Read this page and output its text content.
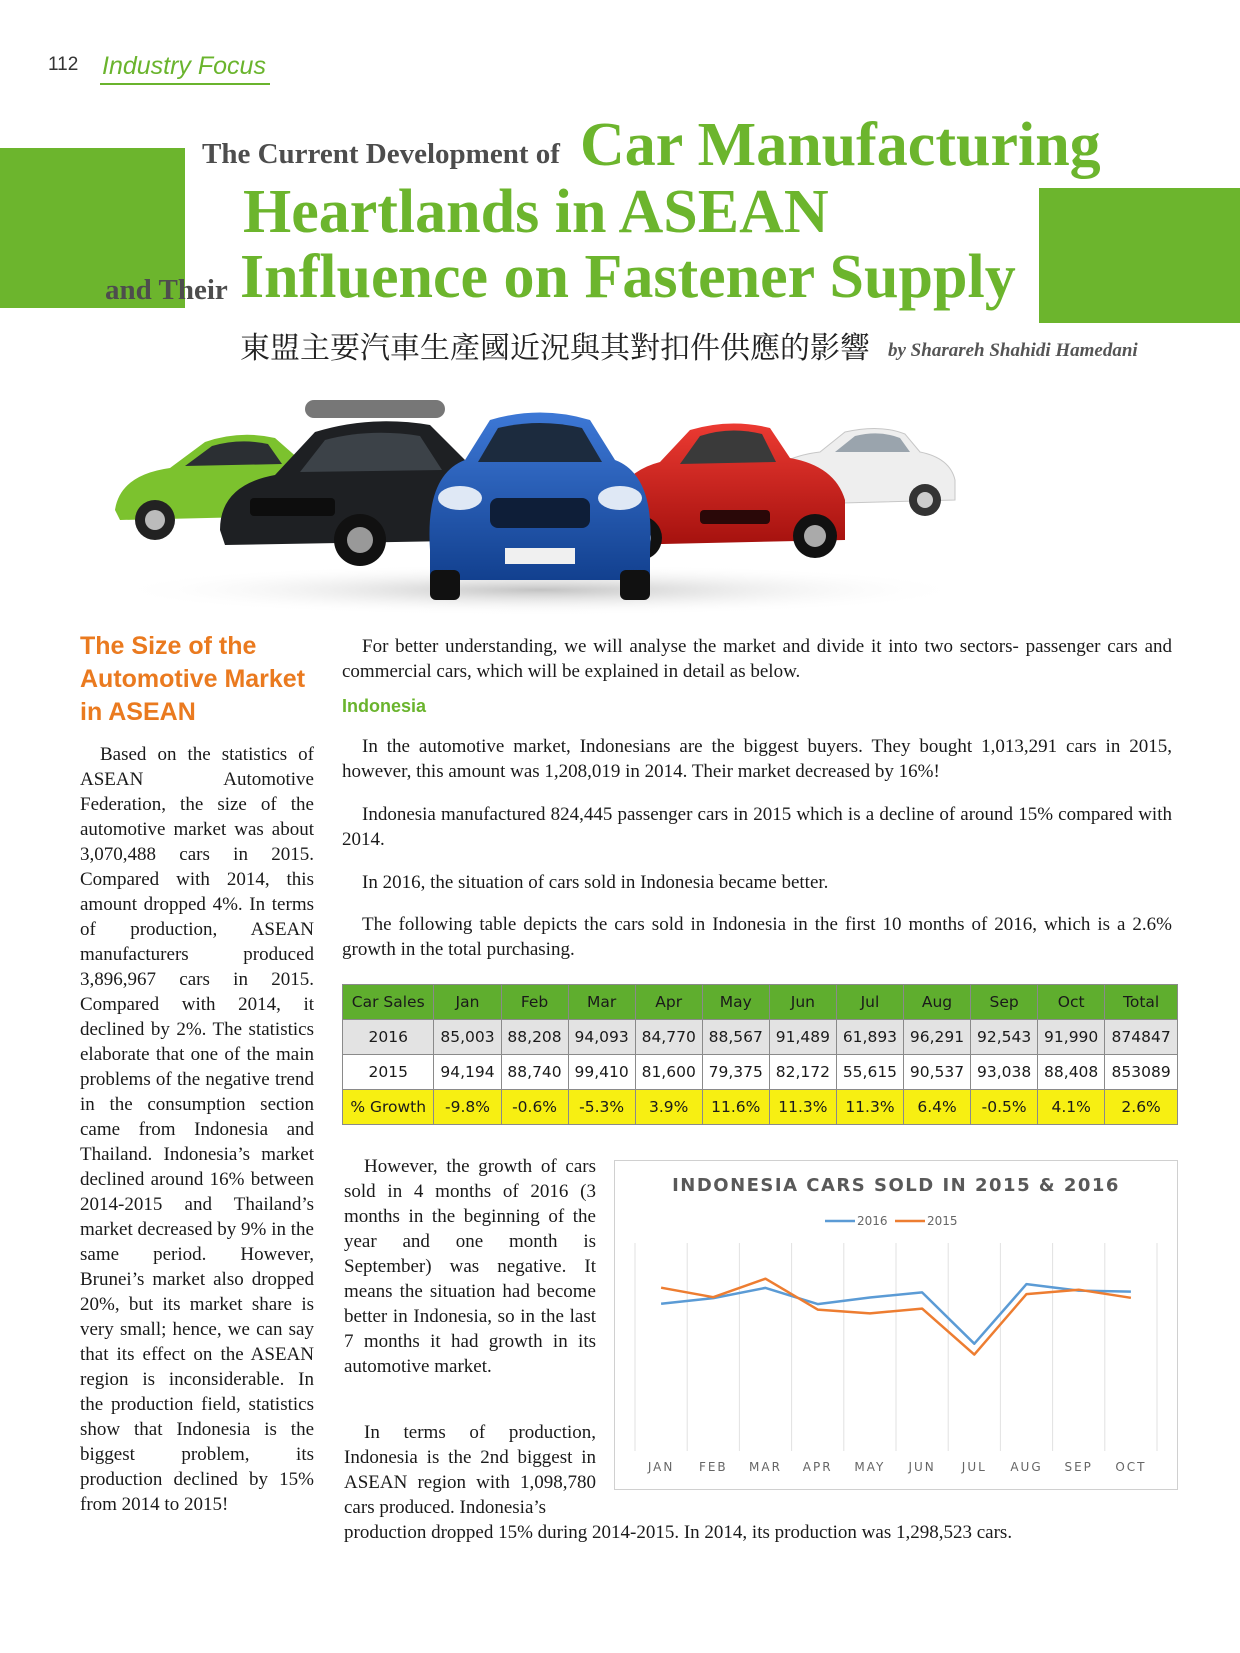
112 Industry Focus
The Current Development of Car Manufacturing
Heartlands in ASEAN
and Their Influence on Fastener Supply
東盟主要汽車生產國近況與其對扣件供應的影響 by Sharareh Shahidi Hamedani
The Size of the Automotive Market in ASEAN
Based on the statistics of ASEAN Automotive Federation, the size of the automotive market was about 3,070,488 cars in 2015. Compared with 2014, this amount dropped 4%. In terms of production, ASEAN manufacturers produced 3,896,967 cars in 2015. Compared with 2014, it declined by 2%. The statistics elaborate that one of the main problems of the negative trend in the consumption section came from Indonesia and Thailand. Indonesia’s market declined around 16% between 2014-2015 and Thailand’s market decreased by 9% in the same period. However, Brunei’s market also dropped 20%, but its market share is very small; hence, we can say that its effect on the ASEAN region is inconsiderable. In the production field, statistics show that Indonesia is the biggest problem, its production declined by 15% from 2014 to 2015!
For better understanding, we will analyse the market and divide it into two sectors- passenger cars and commercial cars, which will be explained in detail as below.
Indonesia
In the automotive market, Indonesians are the biggest buyers. They bought 1,013,291 cars in 2015, however, this amount was 1,208,019 in 2014. Their market decreased by 16%!
Indonesia manufactured 824,445 passenger cars in 2015 which is a decline of around 15% compared with 2014.
In 2016, the situation of cars sold in Indonesia became better.
The following table depicts the cars sold in Indonesia in the first 10 months of 2016, which is a 2.6% growth in the total purchasing.
Car Sales	Jan	Feb	Mar	Apr	May	Jun	Jul	Aug	Sep	Oct	Total
2016	85,003	88,208	94,093	84,770	88,567	91,489	61,893	96,291	92,543	91,990	874847
2015	94,194	88,740	99,410	81,600	79,375	82,172	55,615	90,537	93,038	88,408	853089
% Growth	-9.8%	-0.6%	-5.3%	3.9%	11.6%	11.3%	11.3%	6.4%	-0.5%	4.1%	2.6%
However, the growth of cars sold in 4 months of 2016 (3 months in the beginning of the year and one month is September) was negative. It means the situation had become better in Indonesia, so in the last 7 months it had growth in its automotive market.
In terms of production, Indonesia is the 2nd biggest in ASEAN region with 1,098,780 cars produced. Indonesia’s
production dropped 15% during 2014-2015. In 2014, its production was 1,298,523 cars.
INDONESIA CARS SOLD IN 2015 & 2016
JAN FEB MAR APR MAY JUN JUL AUG SEP OCT
2016	2015
